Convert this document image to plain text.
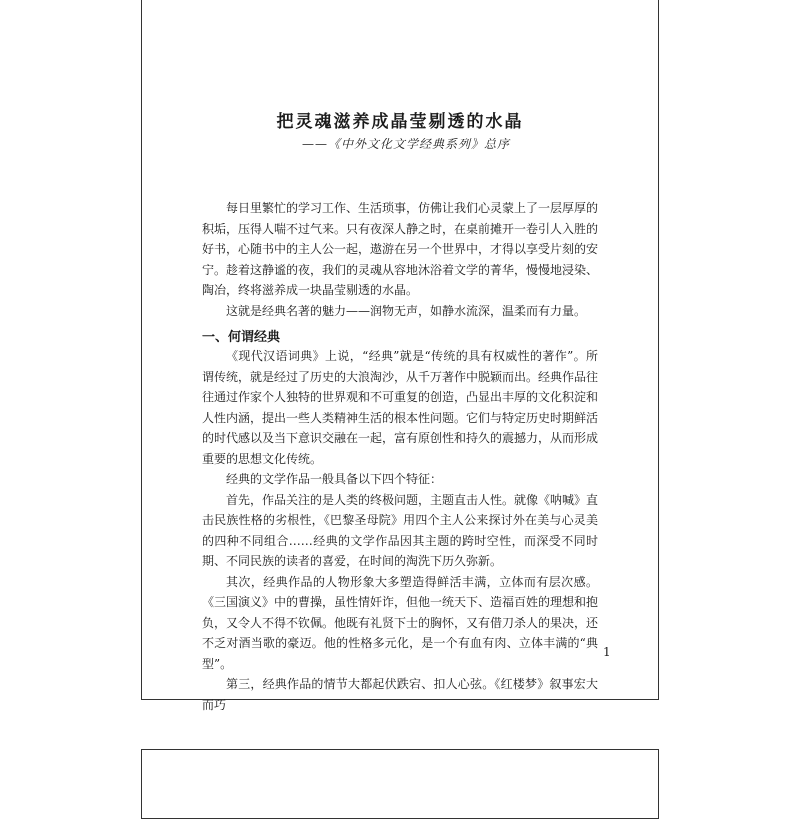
把灵魂滋养成晶莹剔透的水晶
——《中外文化文学经典系列》总序

每日里繁忙的学习工作、生活琐事，仿佛让我们心灵蒙上了一层厚厚的积垢，压得人喘不过气来。只有夜深人静之时，在桌前摊开一卷引人入胜的好书，心随书中的主人公一起，遨游在另一个世界中，才得以享受片刻的安宁。趁着这静谧的夜，我们的灵魂从容地沐浴着文学的菁华，慢慢地浸染、陶冶，终将滋养成一块晶莹剔透的水晶。

这就是经典名著的魅力——润物无声，如静水流深，温柔而有力量。

一、何谓经典

《现代汉语词典》上说，“经典”就是“传统的具有权威性的著作”。所谓传统，就是经过了历史的大浪淘沙，从千万著作中脱颖而出。经典作品往往通过作家个人独特的世界观和不可重复的创造，凸显出丰厚的文化积淀和人性内涵，提出一些人类精神生活的根本性问题。它们与特定历史时期鲜活的时代感以及当下意识交融在一起，富有原创性和持久的震撼力，从而形成重要的思想文化传统。

经典的文学作品一般具备以下四个特征：

首先，作品关注的是人类的终极问题，主题直击人性。就像《呐喊》直击民族性格的劣根性，《巴黎圣母院》用四个主人公来探讨外在美与心灵美的四种不同组合……经典的文学作品因其主题的跨时空性，而深受不同时期、不同民族的读者的喜爱，在时间的淘洗下历久弥新。

其次，经典作品的人物形象大多塑造得鲜活丰满，立体而有层次感。《三国演义》中的曹操，虽性情奸诈，但他一统天下、造福百姓的理想和抱负，又令人不得不钦佩。他既有礼贤下士的胸怀，又有借刀杀人的果决，还不乏对酒当歌的豪迈。他的性格多元化，是一个有血有肉、立体丰满的“典型”。

第三，经典作品的情节大都起伏跌宕、扣人心弦。《红楼梦》叙事宏大而巧

1
